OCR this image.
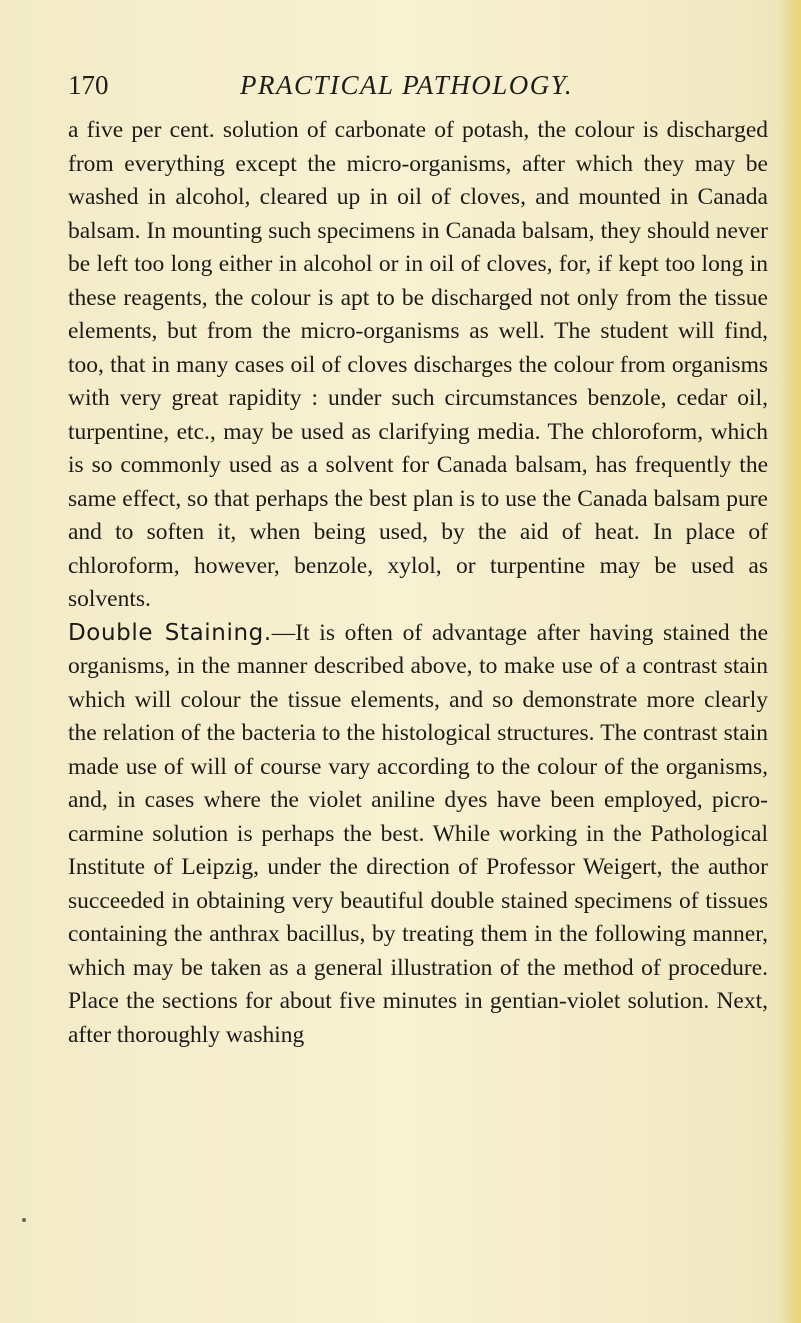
170	PRACTICAL PATHOLOGY.

a five per cent. solution of carbonate of potash, the colour is discharged from everything except the micro-organisms, after which they may be washed in alcohol, cleared up in oil of cloves, and mounted in Canada balsam. In mounting such specimens in Canada balsam, they should never be left too long either in alcohol or in oil of cloves, for, if kept too long in these reagents, the colour is apt to be discharged not only from the tissue elements, but from the micro-organisms as well. The student will find, too, that in many cases oil of cloves discharges the colour from organisms with very great rapidity : under such circumstances benzole, cedar oil, turpentine, etc., may be used as clarifying media. The chloroform, which is so commonly used as a solvent for Canada balsam, has frequently the same effect, so that perhaps the best plan is to use the Canada balsam pure and to soften it, when being used, by the aid of heat. In place of chloroform, however, benzole, xylol, or turpentine may be used as solvents.

Double Staining.—It is often of advantage after having stained the organisms, in the manner described above, to make use of a contrast stain which will colour the tissue elements, and so demonstrate more clearly the relation of the bacteria to the histological structures. The contrast stain made use of will of course vary according to the colour of the organisms, and, in cases where the violet aniline dyes have been employed, picro-carmine solution is perhaps the best. While working in the Pathological Institute of Leipzig, under the direction of Professor Weigert, the author succeeded in obtaining very beautiful double stained specimens of tissues containing the anthrax bacillus, by treating them in the following manner, which may be taken as a general illustration of the method of procedure. Place the sections for about five minutes in gentian-violet solution. Next, after thoroughly washing
